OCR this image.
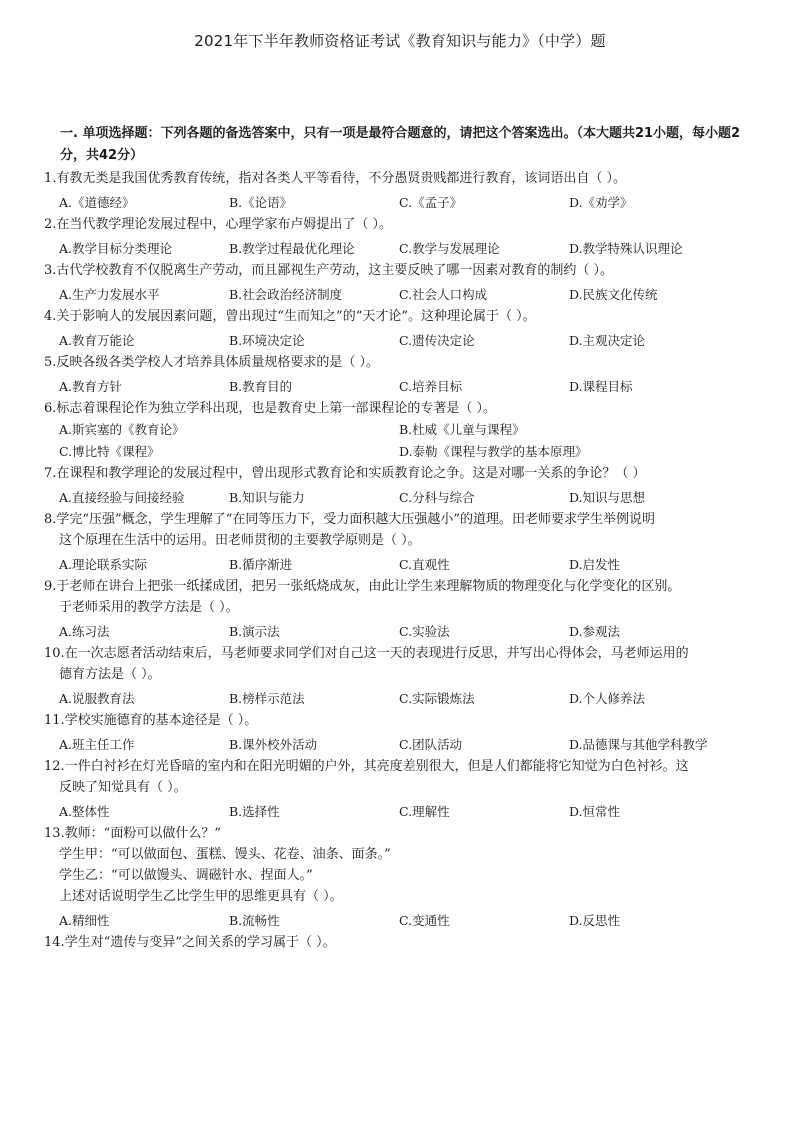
2021年下半年教师资格证考试《教育知识与能力》（中学）题
一. 单项选择题：下列各题的备选答案中，只有一项是最符合题意的，请把这个答案选出。（本大题共21小题，每小题2分，共42分）
1.有教无类是我国优秀教育传统，指对各类人平等看待，不分愚贤贵贱都进行教育，该词语出自（ ）。
A.《道德经》	B.《论语》	C.《孟子》	D.《劝学》
2.在当代教学理论发展过程中，心理学家布卢姆提出了（ ）。
A.教学目标分类理论	B.教学过程最优化理论	C.教学与发展理论	D.教学特殊认识理论
3.古代学校教育不仅脱离生产劳动，而且鄙视生产劳动，这主要反映了哪一因素对教育的制约（ ）。
A.生产力发展水平	B.社会政治经济制度	C.社会人口构成	D.民族文化传统
4.关于影响人的发展因素问题，曾出现过“生而知之”的“天才论”。这种理论属于（ ）。
A.教育万能论	B.环境决定论	C.遗传决定论	D.主观决定论
5.反映各级各类学校人才培养具体质量规格要求的是（ ）。
A.教育方针	B.教育目的	C.培养目标	D.课程目标
6.标志着课程论作为独立学科出现，也是教育史上第一部课程论的专著是（ ）。
A.斯宾塞的《教育论》	B.杜威《儿童与课程》
C.博比特《课程》	D.泰勒《课程与教学的基本原理》
7.在课程和教学理论的发展过程中，曾出现形式教育论和实质教育论之争。这是对哪一关系的争论？（ ）
A.直接经验与间接经验	B.知识与能力	C.分科与综合	D.知识与思想
8.学完“压强”概念，学生理解了“在同等压力下，受力面积越大压强越小”的道理。田老师要求学生举例说明
这个原理在生活中的运用。田老师贯彻的主要教学原则是（ ）。
A.理论联系实际	B.循序渐进	C.直观性	D.启发性
9.于老师在讲台上把张一纸揉成团，把另一张纸烧成灰，由此让学生来理解物质的物理变化与化学变化的区别。
于老师采用的教学方法是（ ）。
A.练习法	B.演示法	C.实验法	D.参观法
10.在一次志愿者活动结束后，马老师要求同学们对自己这一天的表现进行反思，并写出心得体会，马老师运用的
德育方法是（ ）。
A.说服教育法	B.榜样示范法	C.实际锻炼法	D.个人修养法
11.学校实施德育的基本途径是（ ）。
A.班主任工作	B.课外校外活动	C.团队活动	D.品德课与其他学科教学
12.一件白衬衫在灯光昏暗的室内和在阳光明媚的户外，其亮度差别很大，但是人们都能将它知觉为白色衬衫。这
反映了知觉具有（ ）。
A.整体性	B.选择性	C.理解性	D.恒常性
13.教师：“面粉可以做什么？”
学生甲：“可以做面包、蛋糕、馒头、花卷、油条、面条。”
学生乙：“可以做馒头、调磁针水、捏面人。”
上述对话说明学生乙比学生甲的思维更具有（ ）。
A.精细性	B.流畅性	C.变通性	D.反思性
14.学生对“遗传与变异”之间关系的学习属于（ ）。
